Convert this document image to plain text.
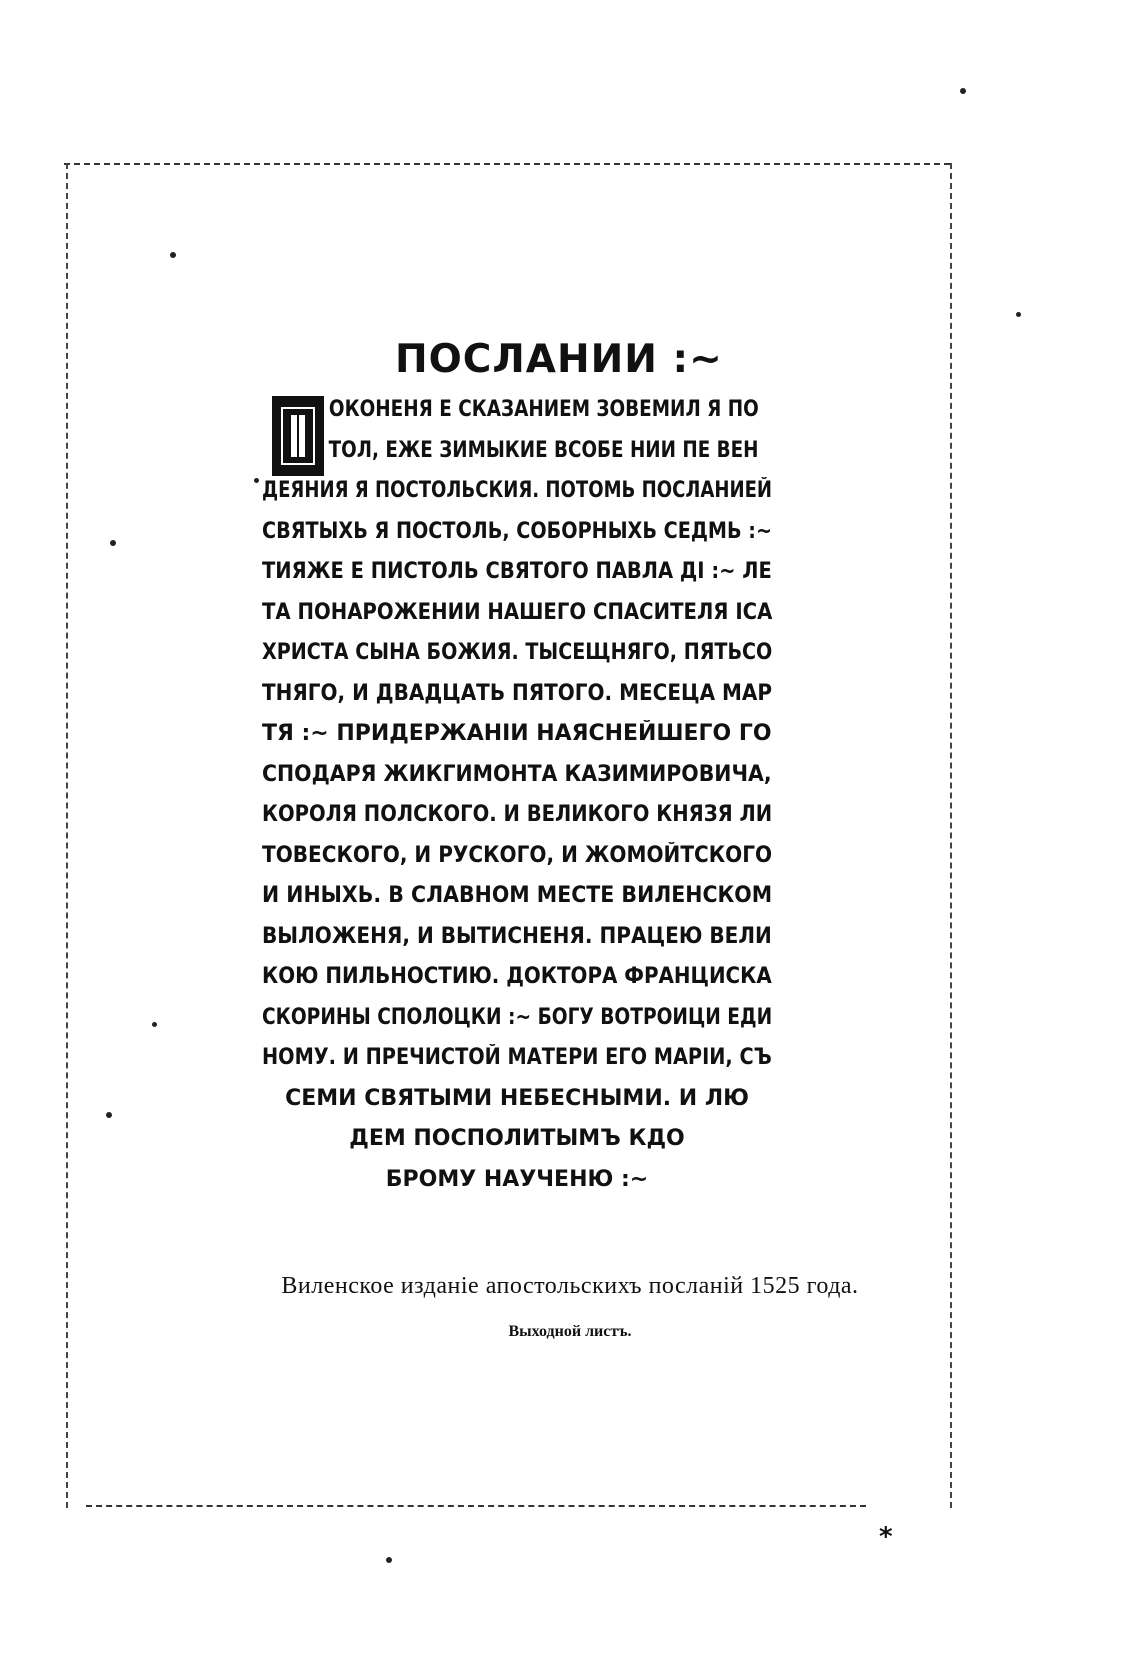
ПОСЛАНИИ :~
ОКОНЕНЯ Е СКАЗАНИЕМ ЗОВЕМИЛ Я ПО
ТОЛ, ЕЖЕ ЗИМЫКИЕ ВСОБЕ НИИ ПЕ ВЕН
ДЕЯНИЯ Я ПОСТОЛЬСКИЯ. ПОТОМЬ ПОСЛАНИЕЙ
СВЯТЫХЬ Я ПОСТОЛЬ, СОБОРНЫХЬ СЕДМЬ :~
ТИЯЖЕ Е ПИСТОЛЬ СВЯТОГО ПАВЛА ДІ :~ ЛЕ
ТА ПОНАРОЖЕНИИ НАШЕГО СПАСИТЕЛЯ ІСА
ХРИСТА СЫНА БОЖИЯ. ТЫСЕЩНЯГО, ПЯТЬСО
ТНЯГО, И ДВАДЦАТЬ ПЯТОГО. МЕСЕЦА МАР
ТЯ :~ ПРИДЕРЖАНІИ НАЯСНЕЙШЕГО ГО
СПОДАРЯ ЖИКГИМОНТА КАЗИМИРОВИЧА,
КОРОЛЯ ПОЛСКОГО. И ВЕЛИКОГО КНЯЗЯ ЛИ
ТОВЕСКОГО, И РУСКОГО, И ЖОМОЙТСКОГО
И ИНЫХЬ. В СЛАВНОМ МЕСТЕ ВИЛЕНСКОМ
ВЫЛОЖЕНЯ, И ВЫТИСНЕНЯ. ПРАЦЕЮ ВЕЛИ
КОЮ ПИЛЬНОСТИЮ. ДОКТОРА ФРАНЦИСКА
СКОРИНЫ СПОЛОЦКИ :~ БОГУ ВОТРОИЦИ ЕДИ
НОМУ. И ПРЕЧИСТОЙ МАТЕРИ ЕГО МАРІИ, СЪ
СЕМИ СВЯТЫМИ НЕБЕСНЫМИ. И ЛЮ
ДЕМ ПОСПОЛИТЫМЪ КДО
БРОМУ НАУЧЕНЮ :~
Виленское изданіе апостольскихъ посланій 1525 года.
Выходной листъ.
*
